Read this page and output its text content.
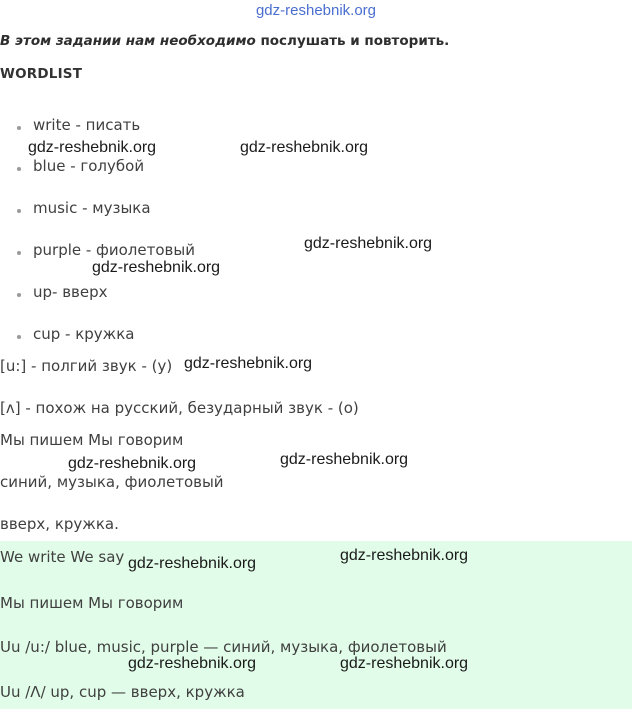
gdz-reshebnik.org
В этом задании нам необходимо послушать и повторить.
WORDLIST
write - писать
blue - голубой
music - музыка
purple - фиолетовый
up- вверх
cup - кружка
[u:] - полгий звук - (у)
[ʌ] - похож на русский, безударный звук - (о)
Мы пишем Мы говорим
синий, музыка, фиолетовый
вверх, кружка.
We write We say
Мы пишем Мы говорим
Uu /u:/ blue, music, purple — синий, музыка, фиолетовый
Uu /Λ/ up, cup — вверх, кружка
gdz-reshebnik.org	gdz-reshebnik.org
gdz-reshebnik.org
gdz-reshebnik.org
gdz-reshebnik.org
gdz-reshebnik.org	gdz-reshebnik.org
gdz-reshebnik.org	gdz-reshebnik.org
gdz-reshebnik.org	gdz-reshebnik.org
